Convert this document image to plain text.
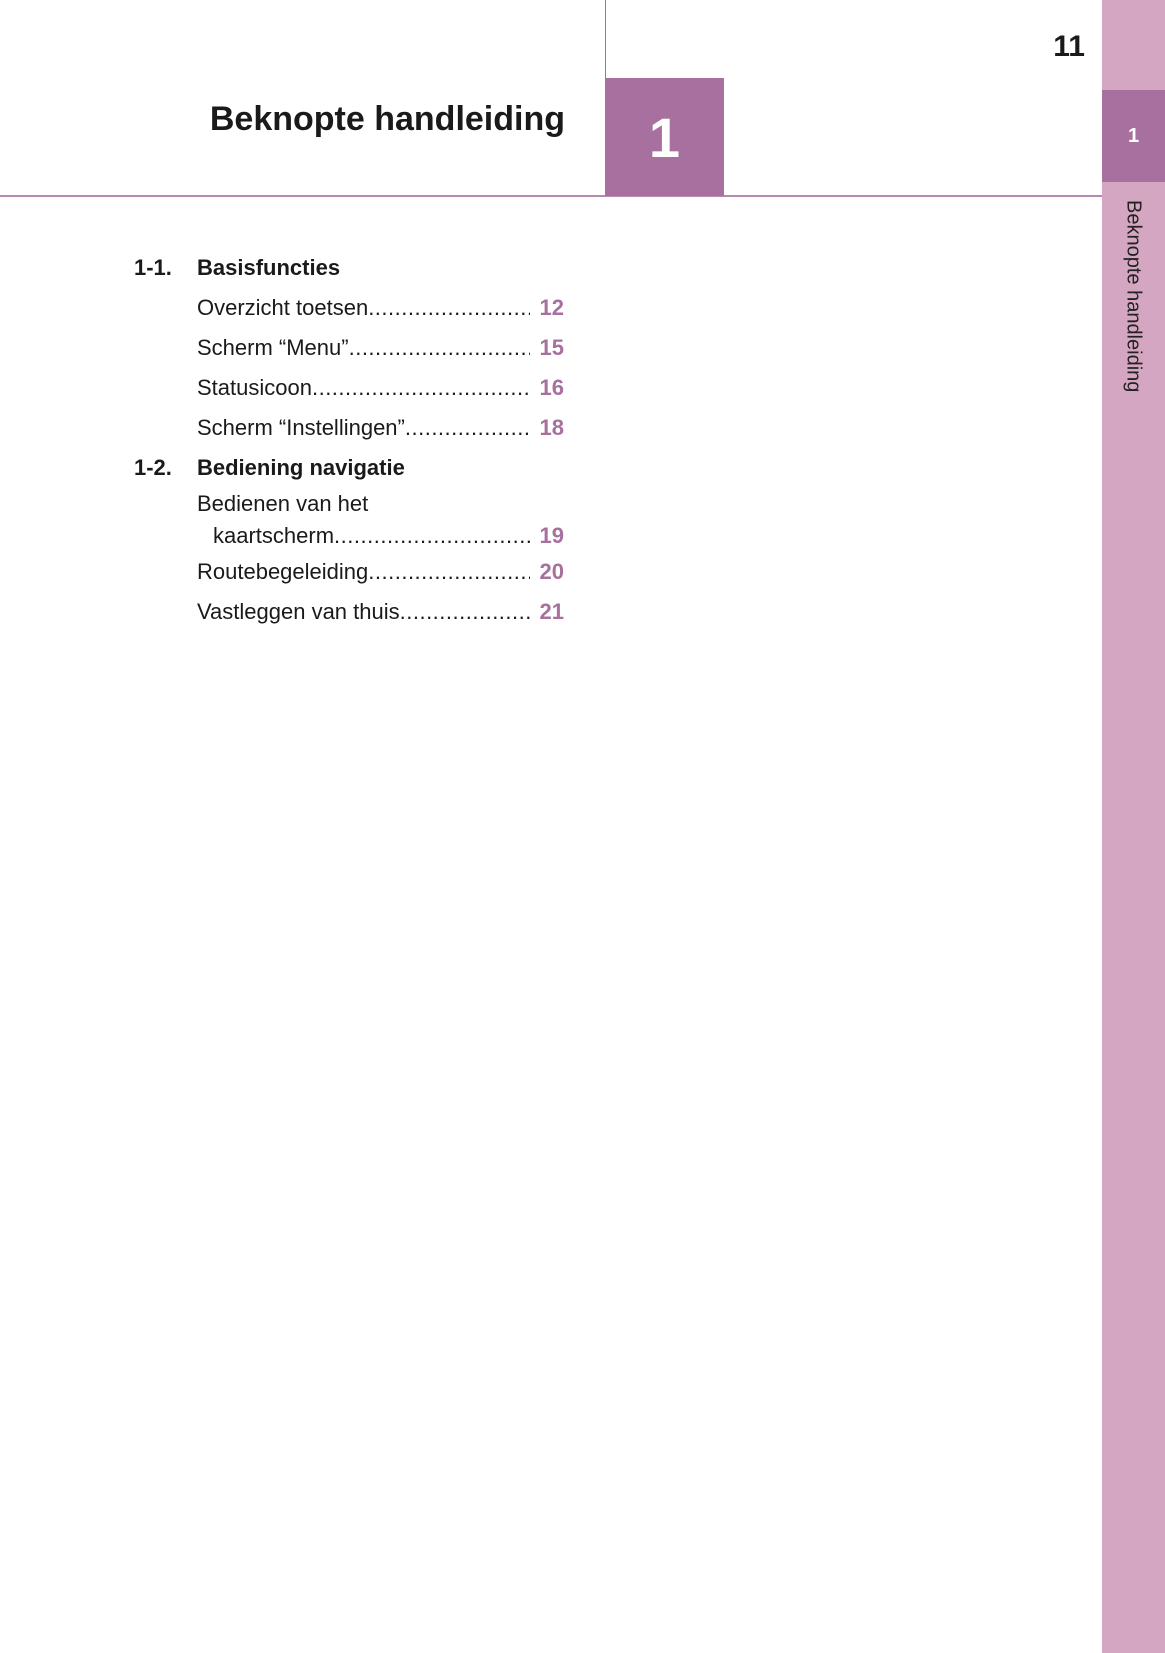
1
Beknopte handleiding
11
1
Beknopte handleiding
1-1.	Basisfuncties
Overzicht toetsen .....	12
Scherm “Menu” .....	15
Statusicoon .....	16
Scherm “Instellingen” .....	18
1-2.	Bediening navigatie
Bedienen van het
kaartscherm .....	19
Routebegeleiding .....	20
Vastleggen van thuis .....	21
